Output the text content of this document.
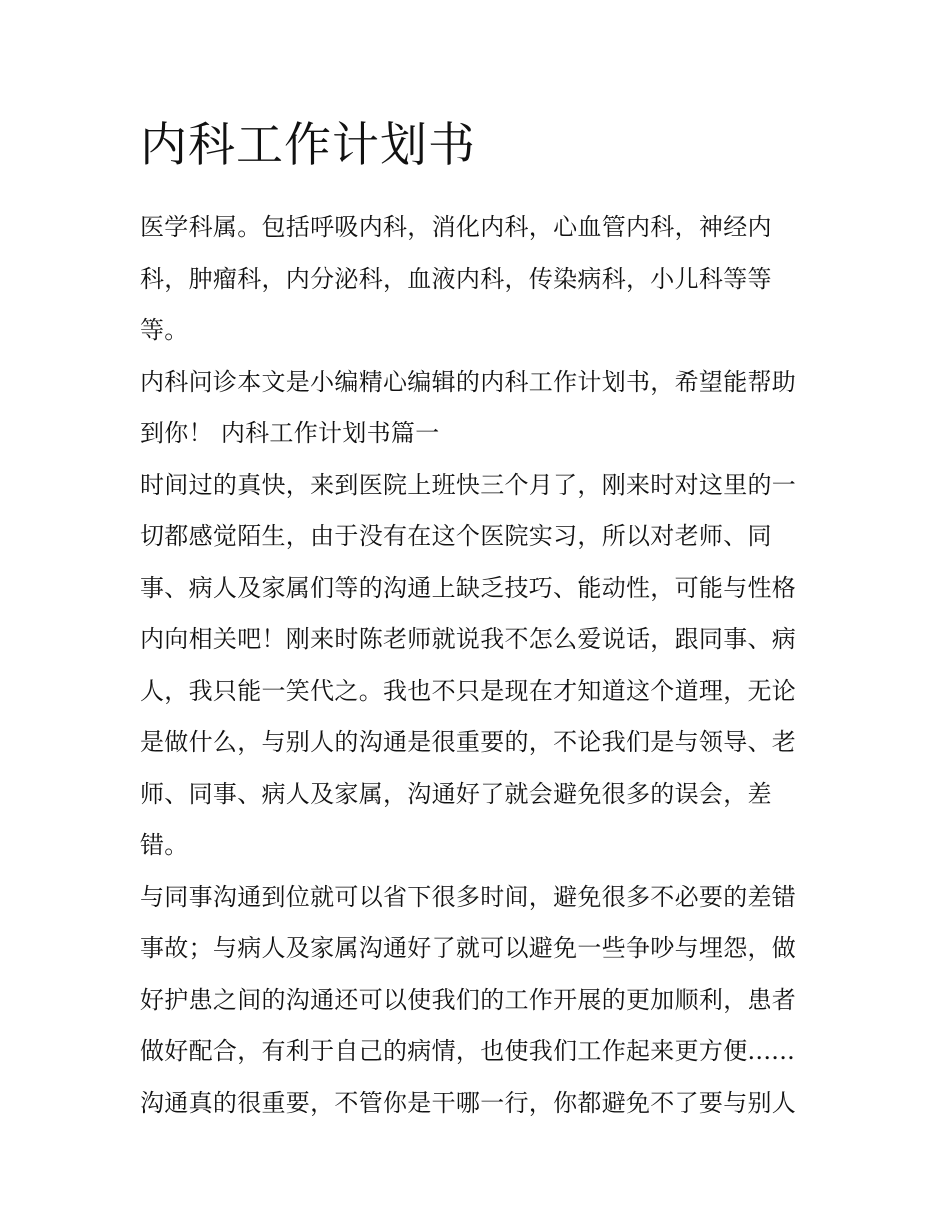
内科工作计划书

医学科属。包括呼吸内科，消化内科，心血管内科，神经内科，肿瘤科，内分泌科，血液内科，传染病科，小儿科等等等。

内科问诊本文是小编精心编辑的内科工作计划书，希望能帮助到你！ 内科工作计划书篇一

时间过的真快，来到医院上班快三个月了，刚来时对这里的一切都感觉陌生，由于没有在这个医院实习，所以对老师、同事、病人及家属们等的沟通上缺乏技巧、能动性，可能与性格内向相关吧！刚来时陈老师就说我不怎么爱说话，跟同事、病人，我只能一笑代之。我也不只是现在才知道这个道理，无论是做什么，与别人的沟通是很重要的，不论我们是与领导、老师、同事、病人及家属，沟通好了就会避免很多的误会，差错。

与同事沟通到位就可以省下很多时间，避免很多不必要的差错事故；与病人及家属沟通好了就可以避免一些争吵与埋怨，做好护患之间的沟通还可以使我们的工作开展的更加顺利，患者做好配合，有利于自己的病情，也使我们工作起来更方便......

沟通真的很重要，不管你是干哪一行，你都避免不了要与别人
